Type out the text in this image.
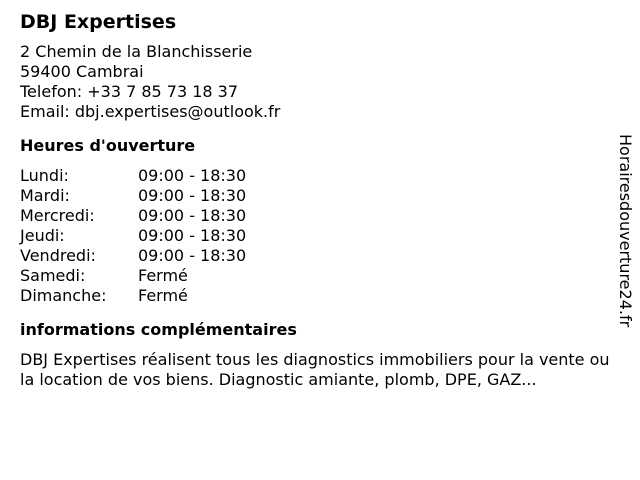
DBJ Expertises
2 Chemin de la Blanchisserie
59400 Cambrai
Telefon: +33 7 85 73 18 37
Email: dbj.expertises@outlook.fr
Heures d'ouverture
Lundi:	09:00 - 18:30
Mardi:	09:00 - 18:30
Mercredi:	09:00 - 18:30
Jeudi:	09:00 - 18:30
Vendredi:	09:00 - 18:30
Samedi:	Fermé
Dimanche:	Fermé
informations complémentaires
DBJ Expertises réalisent tous les diagnostics immobiliers pour la vente ou la location de vos biens. Diagnostic amiante, plomb, DPE, GAZ...
Horairesdouverture24.fr
